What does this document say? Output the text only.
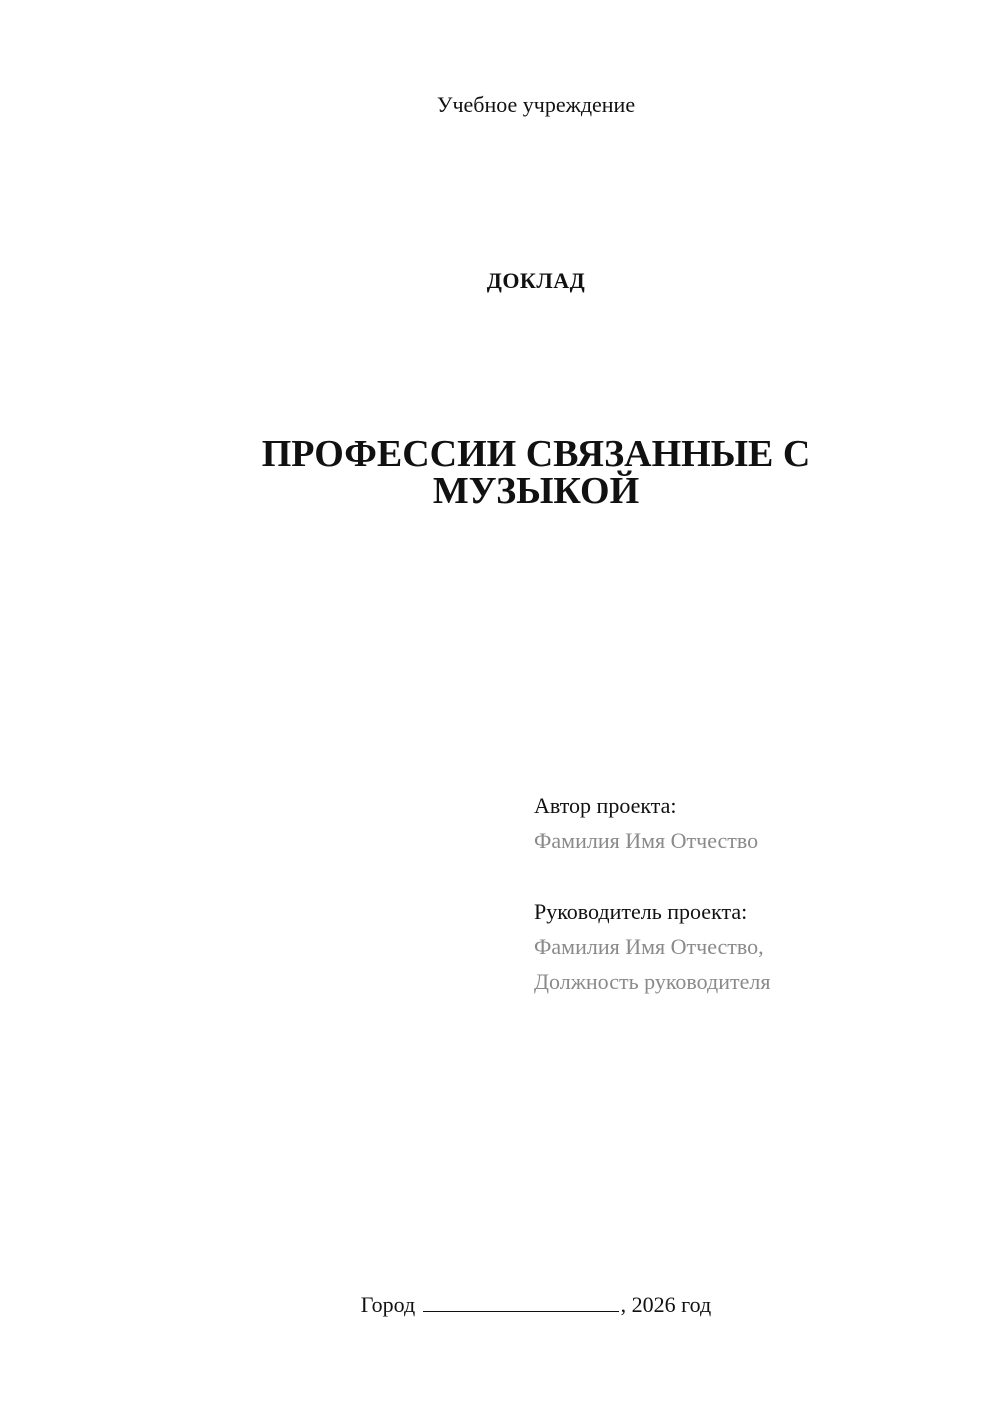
Учебное учреждение
ДОКЛАД
ПРОФЕССИИ СВЯЗАННЫЕ С
МУЗЫКОЙ
Автор проекта:
Фамилия Имя Отчество
Руководитель проекта:
Фамилия Имя Отчество,
Должность руководителя
Город	, 2026 год
